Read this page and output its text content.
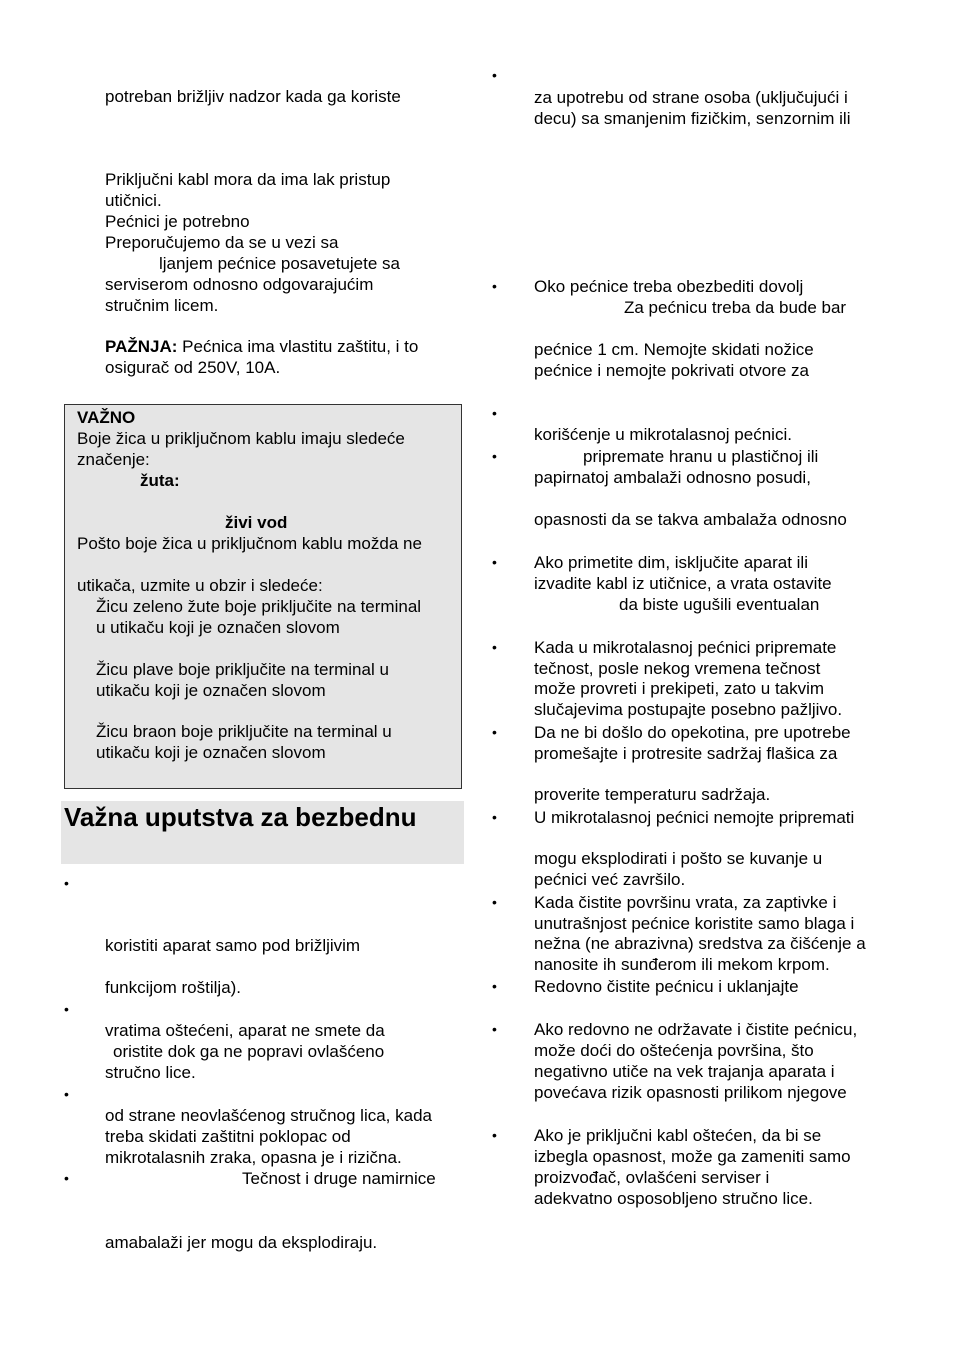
potreban brižljiv nadzor kada ga koriste
Priključni kabl mora da ima lak pristup
utičnici.
Pećnici je potrebno
Preporučujemo da se u vezi sa
ljanjem pećnice posavetujete sa
serviserom odnosno odgovarajućim
stručnim licem.
PAŽNJA: Pećnica ima vlastitu zaštitu, i to
osigurač od 250V, 10A.
VAŽNO
Boje žica u priključnom kablu imaju sledeće
značenje:
žuta:
živi vod
Pošto boje žica u priključnom kablu možda ne
utikača, uzmite u obzir i sledeće:
Žicu zeleno žute boje priključite na terminal
u utikaču koji je označen slovom
Žicu plave boje priključite na terminal u
utikaču koji je označen slovom
Žicu braon boje priključite na terminal u
utikaču koji je označen slovom
Važna uputstva za bezbednu
•
koristiti aparat samo pod brižljivim
funkcijom roštilja).
•
vratima oštećeni, aparat ne smete da
oristite dok ga ne popravi ovlašćeno
stručno lice.
•
od strane neovlašćenog stručnog lica, kada
treba skidati zaštitni poklopac od
mikrotalasnih zraka, opasna je i rizična.
•	Tečnost i druge namirnice
amabalaži jer mogu da eksplodiraju.
•
za upotrebu od strane osoba (uključujući i
decu) sa smanjenim fizičkim, senzornim ili
• Oko pećnice treba obezbediti dovolj
Za pećnicu treba da bude bar
pećnice 1 cm. Nemojte skidati nožice
pećnice i nemojte pokrivati otvore za
•
korišćenje u mikrotalasnoj pećnici.
•	pripremate hranu u plastičnoj ili
papirnatoj ambalaži odnosno posudi,
opasnosti da se takva ambalaža odnosno
• Ako primetite dim, isključite aparat ili
izvadite kabl iz utičnice, a vrata ostavite
da biste ugušili eventualan
• Kada u mikrotalasnoj pećnici pripremate
tečnost, posle nekog vremena tečnost
može provreti i prekipeti, zato u takvim
slučajevima postupajte posebno pažljivo.
• Da ne bi došlo do opekotina, pre upotrebe
promešajte i protresite sadržaj flašica za
proverite temperaturu sadržaja.
• U mikrotalasnoj pećnici nemojte pripremati
mogu eksplodirati i pošto se kuvanje u
pećnici već završilo.
• Kada čistite površinu vrata, za zaptivke i
unutrašnjost pećnice koristite samo blaga i
nežna (ne abrazivna) sredstva za čišćenje a
nanosite ih sunđerom ili mekom krpom.
• Redovno čistite pećnicu i uklanjajte
• Ako redovno ne održavate i čistite pećnicu,
može doći do oštećenja površina, što
negativno utiče na vek trajanja aparata i
povećava rizik opasnosti prilikom njegove
• Ako je priključni kabl oštećen, da bi se
izbegla opasnost, može ga zameniti samo
proizvođač, ovlašćeni serviser i
adekvatno osposobljeno stručno lice.
